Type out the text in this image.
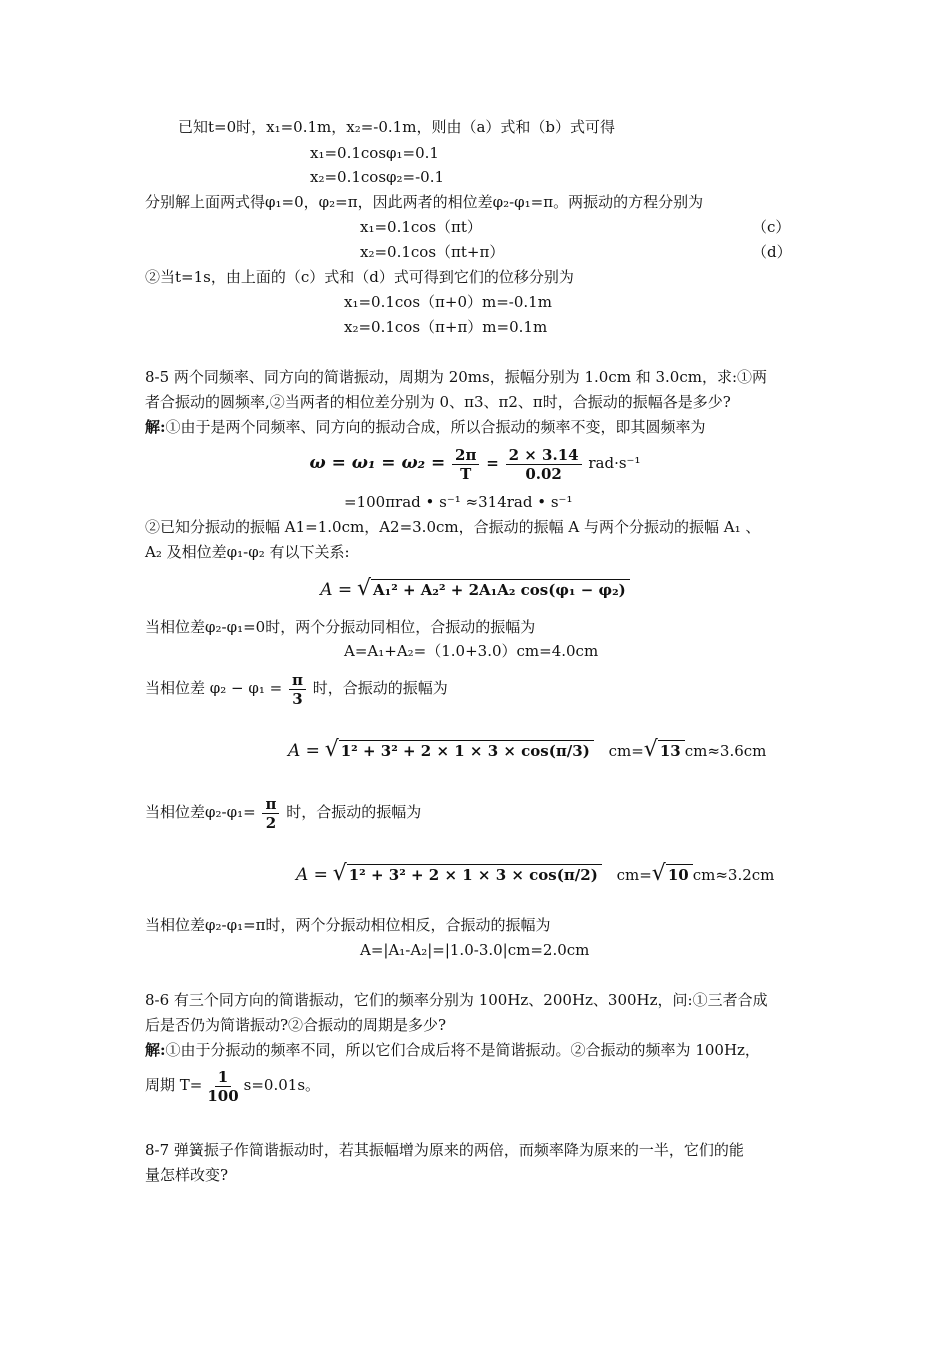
已知t=0时，x₁=0.1m，x₂=-0.1m，则由（a）式和（b）式可得
x₁=0.1cosφ₁=0.1
x₂=0.1cosφ₂=-0.1
分别解上面两式得φ₁=0，φ₂=π，因此两者的相位差φ₂-φ₁=π。两振动的方程分别为
x₁=0.1cos（πt）	（c）
x₂=0.1cos（πt+π）	（d）
②当t=1s，由上面的（c）式和（d）式可得到它们的位移分别为
x₁=0.1cos（π+0）m=-0.1m
x₂=0.1cos（π+π）m=0.1m
8-5 两个同频率、同方向的简谐振动，周期为 20ms，振幅分别为 1.0cm 和 3.0cm，求:①两
者合振动的圆频率,②当两者的相位差分别为 0、π3、π2、π时，合振动的振幅各是多少?
解:①由于是两个同频率、同方向的振动合成，所以合振动的频率不变，即其圆频率为
$\omega = \omega_1 = \omega_2 = \frac{2\pi}{T} = \frac{2 \times 3.14}{0.02} rad\cdot s^{-1}$
=100πrad • s⁻¹ ≈314rad • s⁻¹
②已知分振动的振幅 A1=1.0cm，A2=3.0cm，合振动的振幅 A 与两个分振动的振幅 A₁ 、
A₂ 及相位差φ₁-φ₂ 有以下关系:
A = √ A₁² + A₂² + 2A₁A₂ cos(φ₁ − φ₂)
当相位差φ₂-φ₁=0时，两个分振动同相位，合振动的振幅为
A=A₁+A₂=（1.0+3.0）cm=4.0cm
当相位差 $\varphi_2 - \varphi_1 = \frac{\pi}{3}$ 时，合振动的振幅为
A = √ 1² + 3² + 2 × 1 × 3 × cos(π/3) cm=√ 13 cm≈3.6cm
当相位差$\varphi_2-\varphi_1= \frac{\pi}{2}$ 时，合振动的振幅为
A = √ 1² + 3² + 2 × 1 × 3 × cos(π/2) cm=√ 10 cm≈3.2cm
当相位差φ₂-φ₁=π时，两个分振动相位相反，合振动的振幅为
A=|A₁-A₂|=|1.0-3.0|cm=2.0cm
8-6 有三个同方向的简谐振动，它们的频率分别为 100Hz、200Hz、300Hz，问:①三者合成
后是否仍为简谐振动?②合振动的周期是多少?
解:①由于分振动的频率不同，所以它们合成后将不是简谐振动。②合振动的频率为 100Hz，
周期 $T= \frac{1}{100} s=0.01s$。
8-7 弹簧振子作简谐振动时，若其振幅增为原来的两倍，而频率降为原来的一半，它们的能
量怎样改变?
